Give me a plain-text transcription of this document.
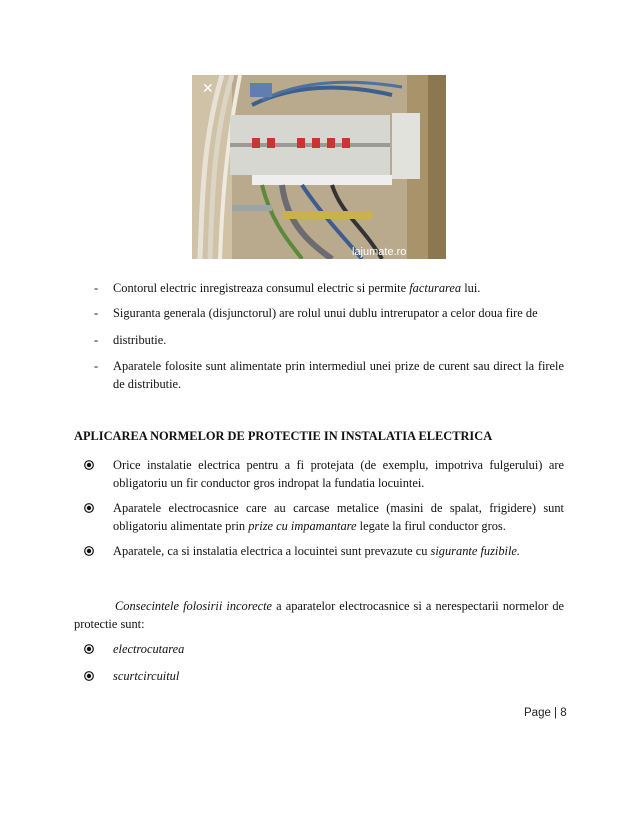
✕
lajumate.ro
- Contorul electric inregistreaza consumul electric si permite facturarea lui.
- Siguranta generala (disjunctorul) are rolul unui dublu intrerupator a celor doua fire de
- distributie.
- Aparatele folosite sunt alimentate prin intermediul unei prize de curent sau direct la firele de distributie.
APLICAREA NORMELOR DE PROTECTIE IN INSTALATIA ELECTRICA
Orice instalatie electrica pentru a fi protejata (de exemplu, impotriva fulgerului) are obligatoriu un fir conductor gros indropat la fundatia locuintei.
Aparatele electrocasnice care au carcase metalice (masini de spalat, frigidere) sunt obligatoriu alimentate prin prize cu impamantare legate la firul conductor gros.
Aparatele, ca si instalatia electrica a locuintei sunt prevazute cu sigurante fuzibile.
Consecintele folosirii incorecte a aparatelor electrocasnice si a nerespectarii normelor de protectie sunt:
electrocutarea
scurtcircuitul
Page | 8
